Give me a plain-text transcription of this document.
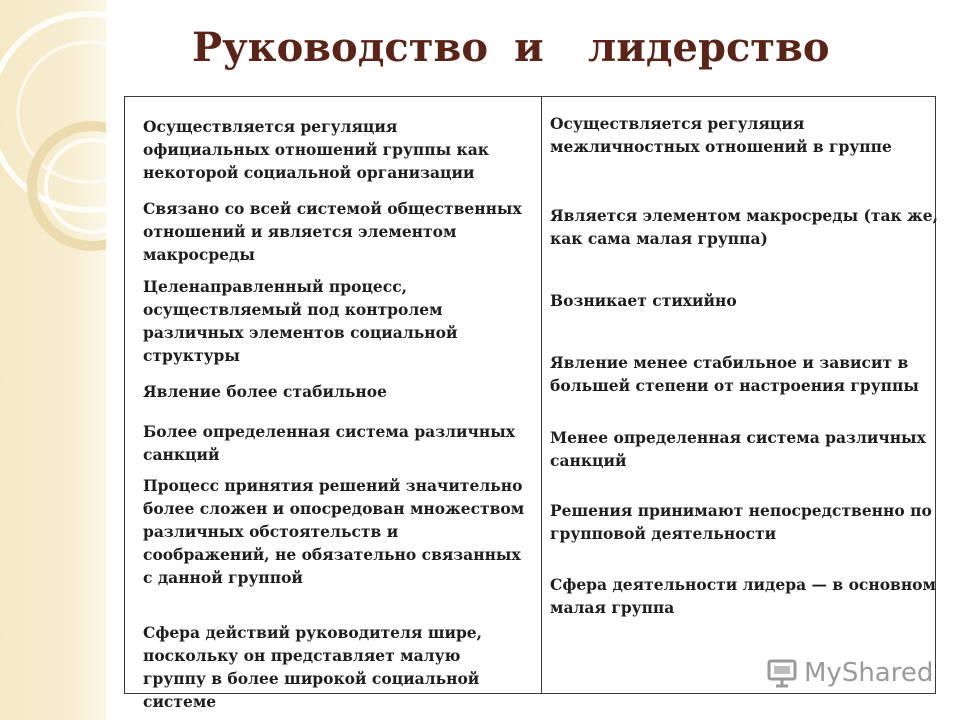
Руководство и лидерство
Осуществляется регуляция официальных отношений группы как некоторой социальной организации
Связано со всей системой общественных отношений и является элементом макросреды
Целенаправленный процесс, осуществляемый под контролем различных элементов социальной структуры
Явление более стабильное
Более определенная система различных санкций
Процесс принятия решений значительно более сложен и опосредован множеством различных обстоятельств и соображений, не обязательно связанных с данной группой
Сфера действий руководителя шире, поскольку он представляет малую группу в более широкой социальной системе
Осуществляется регуляция межличностных отношений в группе
Является элементом макросреды (так же, как сама малая группа)
Возникает стихийно
Явление менее стабильное и зависит в большей степени от настроения группы
Менее определенная система различных санкций
Решения принимают непосредственно по групповой деятельности
Сфера деятельности лидера — в основном малая группа
MyShared
